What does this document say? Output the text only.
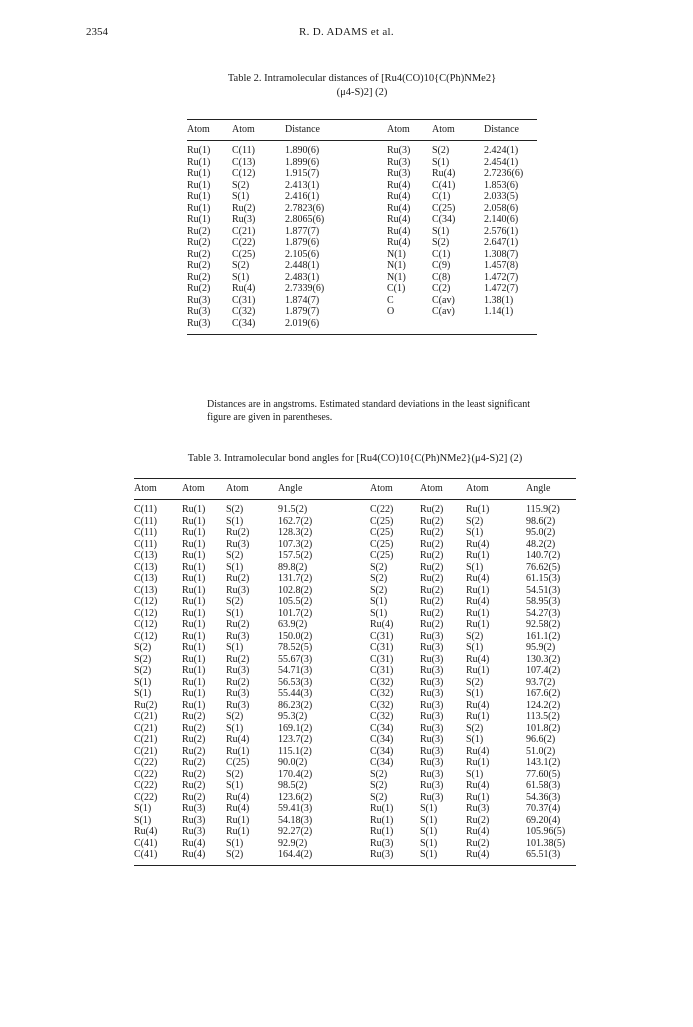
2354	R. D. ADAMS et al.
Table 2. Intramolecular distances of [Ru4(CO)10{C(Ph)NMe2}
(μ4-S)2] (2)
Atom	Atom	Distance	Atom	Atom	Distance
Ru(1)	C(11)	1.890(6)	Ru(3)	S(2)	2.424(1)
Ru(1)	C(13)	1.899(6)	Ru(3)	S(1)	2.454(1)
Ru(1)	C(12)	1.915(7)	Ru(3)	Ru(4)	2.7236(6)
Ru(1)	S(2)	2.413(1)	Ru(4)	C(41)	1.853(6)
Ru(1)	S(1)	2.416(1)	Ru(4)	C(1)	2.033(5)
Ru(1)	Ru(2)	2.7823(6)	Ru(4)	C(25)	2.058(6)
Ru(1)	Ru(3)	2.8065(6)	Ru(4)	C(34)	2.140(6)
Ru(2)	C(21)	1.877(7)	Ru(4)	S(1)	2.576(1)
Ru(2)	C(22)	1.879(6)	Ru(4)	S(2)	2.647(1)
Ru(2)	C(25)	2.105(6)	N(1)	C(1)	1.308(7)
Ru(2)	S(2)	2.448(1)	N(1)	C(9)	1.457(8)
Ru(2)	S(1)	2.483(1)	N(1)	C(8)	1.472(7)
Ru(2)	Ru(4)	2.7339(6)	C(1)	C(2)	1.472(7)
Ru(3)	C(31)	1.874(7)	C	C(av)	1.38(1)
Ru(3)	C(32)	1.879(7)	O	C(av)	1.14(1)
Ru(3)	C(34)	2.019(6)			
Distances are in angstroms. Estimated standard deviations in the least significant figure are given in parentheses.
Table 3. Intramolecular bond angles for [Ru4(CO)10{C(Ph)NMe2}(μ4-S)2] (2)
Atom	Atom	Atom	Angle	Atom	Atom	Atom	Angle
C(11)	Ru(1)	S(2)	91.5(2)	C(22)	Ru(2)	Ru(1)	115.9(2)
C(11)	Ru(1)	S(1)	162.7(2)	C(25)	Ru(2)	S(2)	98.6(2)
C(11)	Ru(1)	Ru(2)	128.3(2)	C(25)	Ru(2)	S(1)	95.0(2)
C(11)	Ru(1)	Ru(3)	107.3(2)	C(25)	Ru(2)	Ru(4)	48.2(2)
C(13)	Ru(1)	S(2)	157.5(2)	C(25)	Ru(2)	Ru(1)	140.7(2)
C(13)	Ru(1)	S(1)	89.8(2)	S(2)	Ru(2)	S(1)	76.62(5)
C(13)	Ru(1)	Ru(2)	131.7(2)	S(2)	Ru(2)	Ru(4)	61.15(3)
C(13)	Ru(1)	Ru(3)	102.8(2)	S(2)	Ru(2)	Ru(1)	54.51(3)
C(12)	Ru(1)	S(2)	105.5(2)	S(1)	Ru(2)	Ru(4)	58.95(3)
C(12)	Ru(1)	S(1)	101.7(2)	S(1)	Ru(2)	Ru(1)	54.27(3)
C(12)	Ru(1)	Ru(2)	63.9(2)	Ru(4)	Ru(2)	Ru(1)	92.58(2)
C(12)	Ru(1)	Ru(3)	150.0(2)	C(31)	Ru(3)	S(2)	161.1(2)
S(2)	Ru(1)	S(1)	78.52(5)	C(31)	Ru(3)	S(1)	95.9(2)
S(2)	Ru(1)	Ru(2)	55.67(3)	C(31)	Ru(3)	Ru(4)	130.3(2)
S(2)	Ru(1)	Ru(3)	54.71(3)	C(31)	Ru(3)	Ru(1)	107.4(2)
S(1)	Ru(1)	Ru(2)	56.53(3)	C(32)	Ru(3)	S(2)	93.7(2)
S(1)	Ru(1)	Ru(3)	55.44(3)	C(32)	Ru(3)	S(1)	167.6(2)
Ru(2)	Ru(1)	Ru(3)	86.23(2)	C(32)	Ru(3)	Ru(4)	124.2(2)
C(21)	Ru(2)	S(2)	95.3(2)	C(32)	Ru(3)	Ru(1)	113.5(2)
C(21)	Ru(2)	S(1)	169.1(2)	C(34)	Ru(3)	S(2)	101.8(2)
C(21)	Ru(2)	Ru(4)	123.7(2)	C(34)	Ru(3)	S(1)	96.6(2)
C(21)	Ru(2)	Ru(1)	115.1(2)	C(34)	Ru(3)	Ru(4)	51.0(2)
C(22)	Ru(2)	C(25)	90.0(2)	C(34)	Ru(3)	Ru(1)	143.1(2)
C(22)	Ru(2)	S(2)	170.4(2)	S(2)	Ru(3)	S(1)	77.60(5)
C(22)	Ru(2)	S(1)	98.5(2)	S(2)	Ru(3)	Ru(4)	61.58(3)
C(22)	Ru(2)	Ru(4)	123.6(2)	S(2)	Ru(3)	Ru(1)	54.36(3)
S(1)	Ru(3)	Ru(4)	59.41(3)	Ru(1)	S(1)	Ru(3)	70.37(4)
S(1)	Ru(3)	Ru(1)	54.18(3)	Ru(1)	S(1)	Ru(2)	69.20(4)
Ru(4)	Ru(3)	Ru(1)	92.27(2)	Ru(1)	S(1)	Ru(4)	105.96(5)
C(41)	Ru(4)	S(1)	92.9(2)	Ru(3)	S(1)	Ru(2)	101.38(5)
C(41)	Ru(4)	S(2)	164.4(2)	Ru(3)	S(1)	Ru(4)	65.51(3)
